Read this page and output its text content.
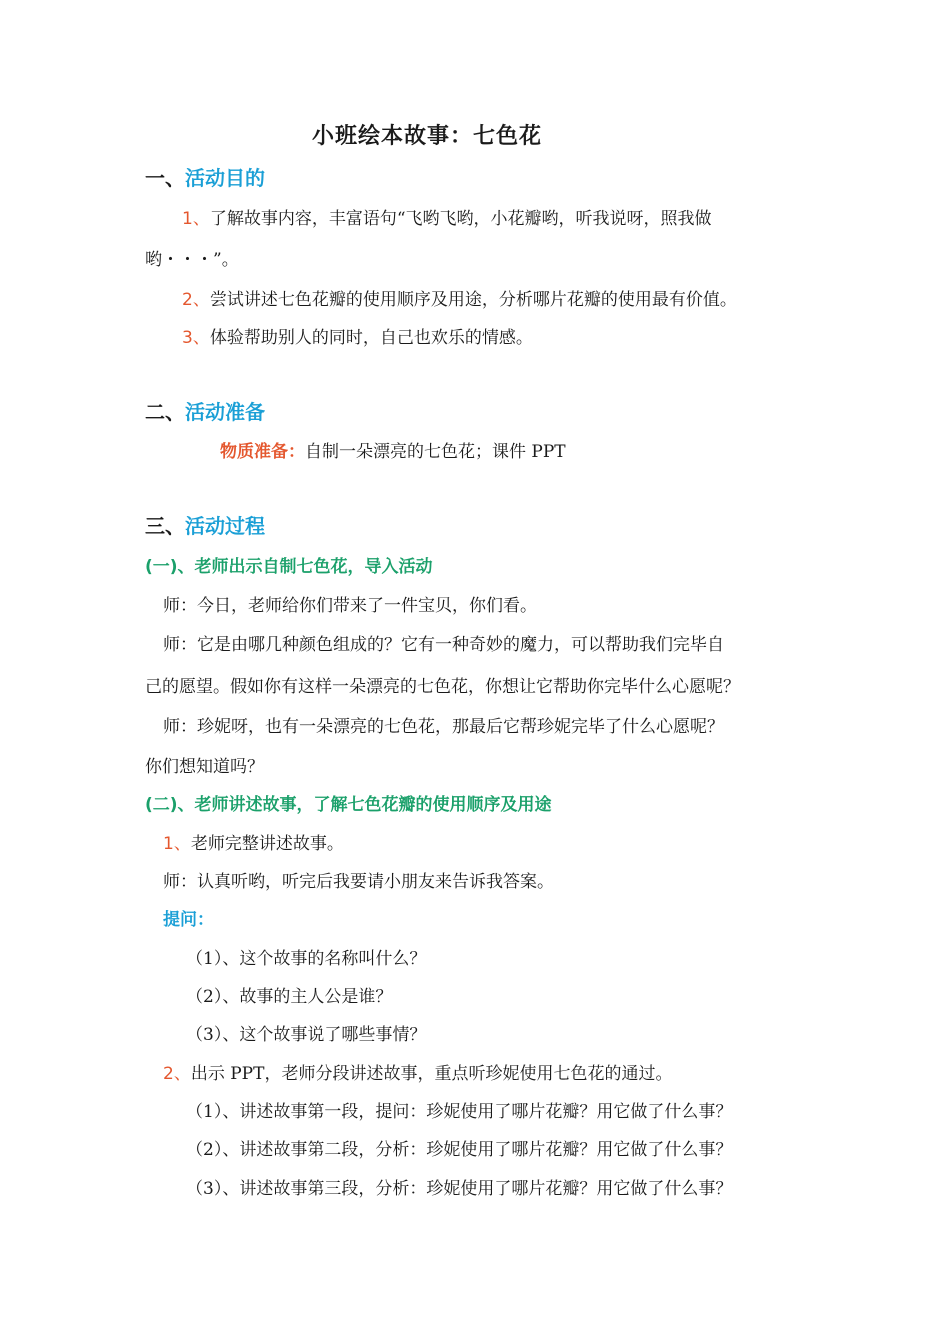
小班绘本故事：七色花
一、活动目的
1、了解故事内容，丰富语句“飞哟飞哟，小花瓣哟，听我说呀，照我做
哟・・・”。
2、尝试讲述七色花瓣的使用顺序及用途，分析哪片花瓣的使用最有价值。
3、体验帮助别人的同时，自己也欢乐的情感。
二、活动准备
物质准备：自制一朵漂亮的七色花；课件 PPT
三、活动过程
(一)、老师出示自制七色花，导入活动
师：今日，老师给你们带来了一件宝贝，你们看。
师：它是由哪几种颜色组成的？它有一种奇妙的魔力，可以帮助我们完毕自
己的愿望。假如你有这样一朵漂亮的七色花，你想让它帮助你完毕什么心愿呢？
师：珍妮呀，也有一朵漂亮的七色花，那最后它帮珍妮完毕了什么心愿呢？
你们想知道吗？
(二)、老师讲述故事，了解七色花瓣的使用顺序及用途
1、老师完整讲述故事。
师：认真听哟，听完后我要请小朋友来告诉我答案。
提问：
（1）、这个故事的名称叫什么？
（2）、故事的主人公是谁？
（3）、这个故事说了哪些事情？
2、出示 PPT，老师分段讲述故事，重点听珍妮使用七色花的通过。
（1）、讲述故事第一段，提问：珍妮使用了哪片花瓣？用它做了什么事？
（2）、讲述故事第二段，分析：珍妮使用了哪片花瓣？用它做了什么事？
（3）、讲述故事第三段，分析：珍妮使用了哪片花瓣？用它做了什么事？
